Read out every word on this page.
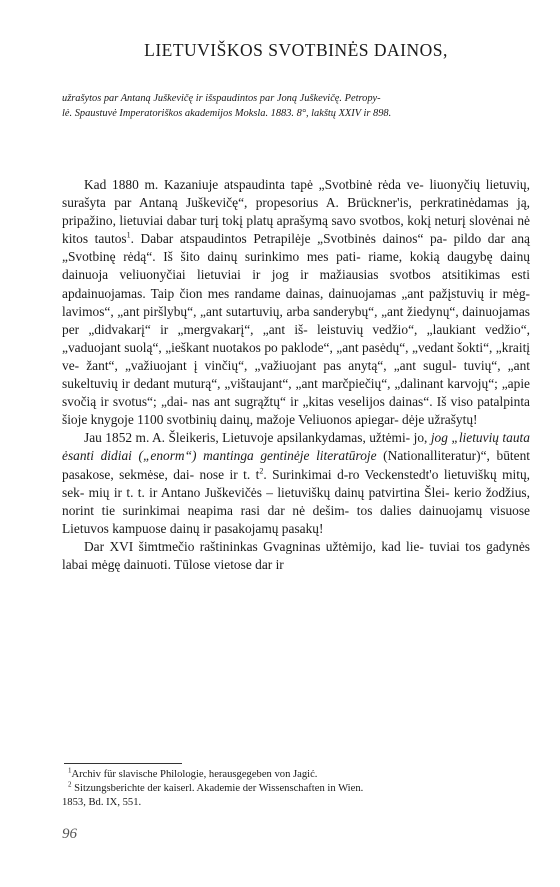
LIETUVIŠKOS SVOTBINĖS DAINOS,
užrašytos par Antaną Juškevičę ir išspaudintos par Joną Juškevičę. Petropy-
lė. Spaustuvė Imperatoriškos akademijos Moksla. 1883. 8°, lakštų XXIV ir 898.

Kad 1880 m. Kazaniuje atspaudinta tapė „Svotbinė rėda ve- liuonyčių lietuvių, surašyta par Antaną Juškevičę“, propesorius A. Brückner'is, perkratinėdamas ją, pripažino, lietuviai dabar turį tokį platų aprašymą savo svotbos, kokį neturį slovėnai nė kitos tautos$^1$. Dabar atspaudintos Petrapilėje „Svotbinės dainos“ pa- pildo dar aną „Svotbinę rėdą“. Iš šito dainų surinkimo mes pati- riame, kokią daugybę dainų dainuoja veliuonyčiai lietuviai ir jog ir mažiausias svotbos atsitikimas esti apdainuojamas. Taip čion mes randame dainas, dainuojamas „ant pažįstuvių ir mėg- lavimos“, „ant piršlybų“, „ant sutartuvių, arba sanderybų“, „ant žiedynų“, dainuojamas per „didvakarį“ ir „mergvakarį“, „ant iš- leistuvių vedžio“, „laukiant vedžio“,„vaduojant suolą“, „ieškant nuotakos po paklode“, „ant pasėdų“, „vedant šokti“, „kraitį ve- žant“, „važiuojant į vinčių“, „važiuojant pas anytą“, „ant sugul- tuvių“, „ant sukeltuvių ir dedant muturą“, „vištaujant“, „ant marčpiečių“, „dalinant karvojų“; „apie svočią ir svotus“; „dai- nas ant sugrąžtų“ ir „kitas veselijos dainas“. Iš viso patalpinta šioje knygoje 1100 svotbinių dainų, mažoje Veliuonos apiegar- dėje užrašytų!

Jau 1852 m. A. Šleikeris, Lietuvoje apsilankydamas, užtėmi- jo, jog „lietuvių tauta ėsanti didiai („enorm“) mantinga gentinėje literatūroje (Nationalliteratur)“, būtent pasakose, sekmėse, dai- nose ir t. $t^2$. Surinkimai d-ro Veckenstedt'o lietuviškų mitų, sek- mių ir t. t. ir Antano Juškevičės – lietuviškų dainų patvirtina Šlei- kerio žodžius, norint tie surinkimai neapima rasi dar nė dešim- tos dalies dainuojamų visuose Lietuvos kampuose dainų ir pasakojamų pasakų!

Dar XVI šimtmečio raštininkas Gvagninas užtėmijo, kad lie- tuviai tos gadynės labai mėgę dainuoti. Tūlose vietose dar ir

$^1$Archiv für slavische Philologie, herausgegeben von Jagić.

$^2$ Sitzungsberichte der kaiserl. Akademie der Wissenschaften in Wien.

1853, Bd. IX, 551.

96
